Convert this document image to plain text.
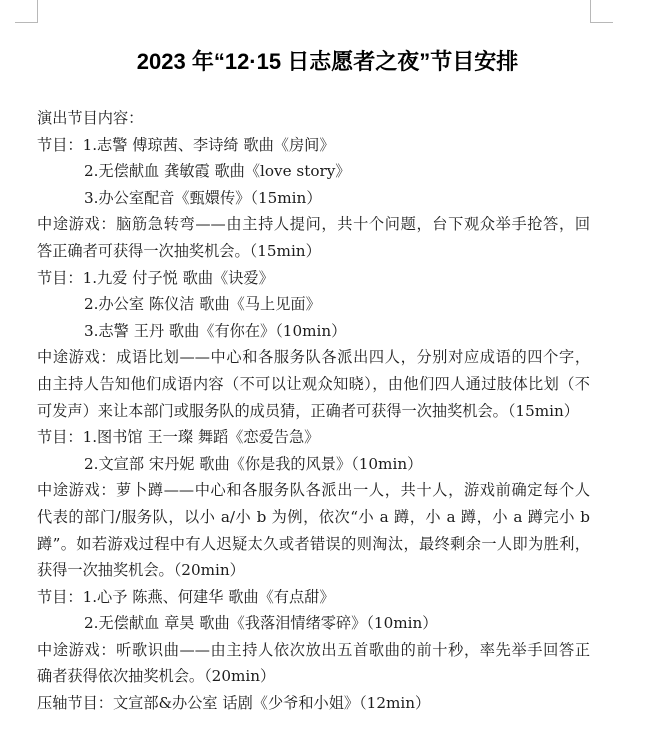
2023 年“12·15 日志愿者之夜”节目安排
演出节目内容：
节目：1.志警 傅琼茜、李诗绮 歌曲《房间》
2.无偿献血 龚敏霞 歌曲《love story》
3.办公室配音《甄嬛传》（15min）
中途游戏：脑筋急转弯——由主持人提问，共十个问题，台下观众举手抢答，回
答正确者可获得一次抽奖机会。（15min）
节目：1.九爱 付子悦 歌曲《诀爱》
2.办公室 陈仪洁 歌曲《马上见面》
3.志警 王丹 歌曲《有你在》（10min）
中途游戏：成语比划——中心和各服务队各派出四人，分别对应成语的四个字，
由主持人告知他们成语内容（不可以让观众知晓），由他们四人通过肢体比划（不
可发声）来让本部门或服务队的成员猜，正确者可获得一次抽奖机会。（15min）
节目：1.图书馆 王一璨 舞蹈《恋爱告急》
2.文宣部 宋丹妮 歌曲《你是我的风景》（10min）
中途游戏：萝卜蹲——中心和各服务队各派出一人，共十人，游戏前确定每个人
代表的部门/服务队，以小 a/小 b 为例，依次“小 a 蹲，小 a 蹲，小 a 蹲完小 b
蹲”。如若游戏过程中有人迟疑太久或者错误的则淘汰，最终剩余一人即为胜利，
获得一次抽奖机会。（20min）
节目：1.心予 陈燕、何建华 歌曲《有点甜》
2.无偿献血 章昊 歌曲《我落泪情绪零碎》（10min）
中途游戏：听歌识曲——由主持人依次放出五首歌曲的前十秒，率先举手回答正
确者获得依次抽奖机会。（20min）
压轴节目：文宣部&办公室 话剧《少爷和小姐》（12min）
